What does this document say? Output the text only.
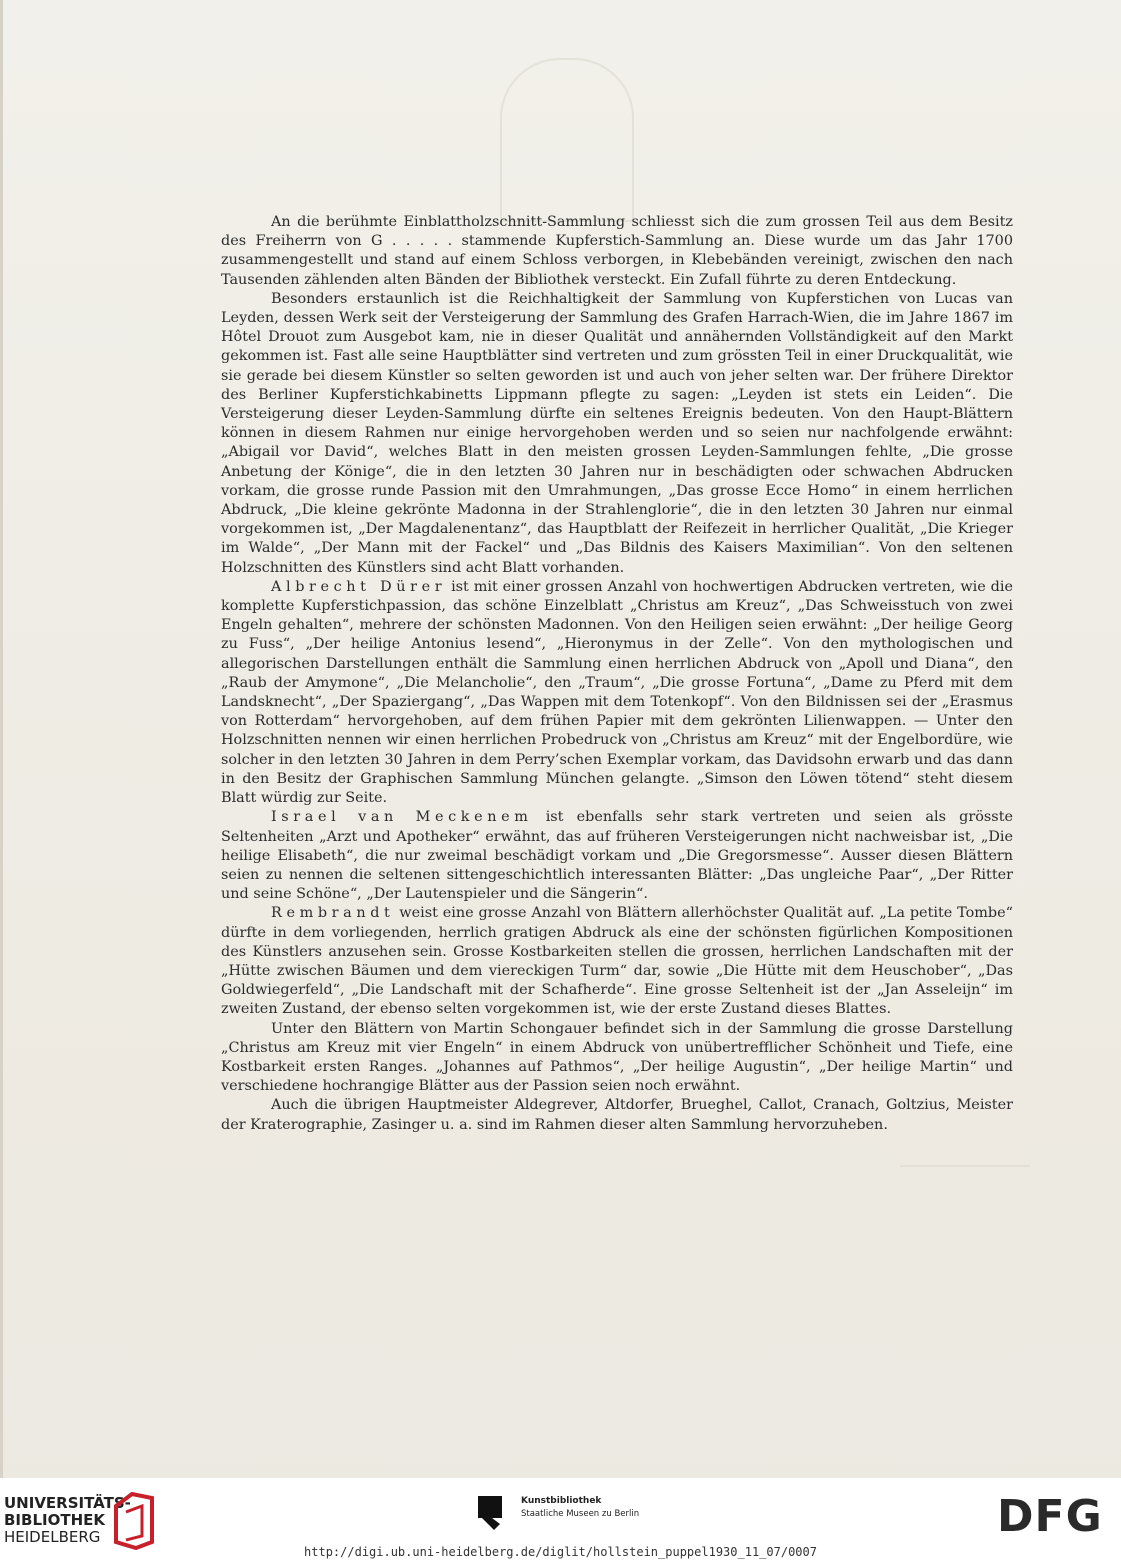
An die berühmte Einblattholzschnitt-Sammlung schliesst sich die zum grossen Teil aus dem Besitz des Freiherrn von G . . . . . stammende Kupferstich-Sammlung an. Diese wurde um das Jahr 1700 zusammengestellt und stand auf einem Schloss verborgen, in Klebebänden vereinigt, zwischen den nach Tausenden zählenden alten Bänden der Bibliothek versteckt. Ein Zufall führte zu deren Entdeckung.

Besonders erstaunlich ist die Reichhaltigkeit der Sammlung von Kupferstichen von Lucas van Leyden, dessen Werk seit der Versteigerung der Sammlung des Grafen Harrach-Wien, die im Jahre 1867 im Hôtel Drouot zum Ausgebot kam, nie in dieser Qualität und annähernden Vollständigkeit auf den Markt gekommen ist. Fast alle seine Hauptblätter sind vertreten und zum grössten Teil in einer Druckqualität, wie sie gerade bei diesem Künstler so selten geworden ist und auch von jeher selten war. Der frühere Direktor des Berliner Kupferstichkabinetts Lippmann pflegte zu sagen: „Leyden ist stets ein Leiden“. Die Versteigerung dieser Leyden-Sammlung dürfte ein seltenes Ereignis bedeuten. Von den Haupt-Blättern können in diesem Rahmen nur einige hervorgehoben werden und so seien nur nachfolgende erwähnt: „Abigail vor David“, welches Blatt in den meisten grossen Leyden-Sammlungen fehlte, „Die grosse Anbetung der Könige“, die in den letzten 30 Jahren nur in beschädigten oder schwachen Abdrucken vorkam, die grosse runde Passion mit den Umrahmungen, „Das grosse Ecce Homo“ in einem herrlichen Abdruck, „Die kleine gekrönte Madonna in der Strahlenglorie“, die in den letzten 30 Jahren nur einmal vorgekommen ist, „Der Magdalenentanz“, das Hauptblatt der Reifezeit in herrlicher Qualität, „Die Krieger im Walde“, „Der Mann mit der Fackel“ und „Das Bildnis des Kaisers Maximilian“. Von den seltenen Holzschnitten des Künstlers sind acht Blatt vorhanden.

Albrecht Dürer ist mit einer grossen Anzahl von hochwertigen Abdrucken vertreten, wie die komplette Kupferstichpassion, das schöne Einzelblatt „Christus am Kreuz“, „Das Schweisstuch von zwei Engeln gehalten“, mehrere der schönsten Madonnen. Von den Heiligen seien erwähnt: „Der heilige Georg zu Fuss“, „Der heilige Antonius lesend“, „Hieronymus in der Zelle“. Von den mythologischen und allegorischen Darstellungen enthält die Sammlung einen herrlichen Abdruck von „Apoll und Diana“, den „Raub der Amymone“, „Die Melancholie“, den „Traum“, „Die grosse Fortuna“, „Dame zu Pferd mit dem Landsknecht“, „Der Spaziergang“, „Das Wappen mit dem Totenkopf“. Von den Bildnissen sei der „Erasmus von Rotterdam“ hervorgehoben, auf dem frühen Papier mit dem gekrönten Lilienwappen. — Unter den Holzschnitten nennen wir einen herrlichen Probedruck von „Christus am Kreuz“ mit der Engelbordüre, wie solcher in den letzten 30 Jahren in dem Perry’schen Exemplar vorkam, das Davidsohn erwarb und das dann in den Besitz der Graphischen Sammlung München gelangte. „Simson den Löwen tötend“ steht diesem Blatt würdig zur Seite.

Israel van Meckenem ist ebenfalls sehr stark vertreten und seien als grösste Seltenheiten „Arzt und Apotheker“ erwähnt, das auf früheren Versteigerungen nicht nachweisbar ist, „Die heilige Elisabeth“, die nur zweimal beschädigt vorkam und „Die Gregorsmesse“. Ausser diesen Blättern seien zu nennen die seltenen sittengeschichtlich interessanten Blätter: „Das ungleiche Paar“, „Der Ritter und seine Schöne“, „Der Lautenspieler und die Sängerin“.

Rembrandt weist eine grosse Anzahl von Blättern allerhöchster Qualität auf. „La petite Tombe“ dürfte in dem vorliegenden, herrlich gratigen Abdruck als eine der schönsten figürlichen Kompositionen des Künstlers anzusehen sein. Grosse Kostbarkeiten stellen die grossen, herrlichen Landschaften mit der „Hütte zwischen Bäumen und dem viereckigen Turm“ dar, sowie „Die Hütte mit dem Heuschober“, „Das Goldwiegerfeld“, „Die Landschaft mit der Schafherde“. Eine grosse Seltenheit ist der „Jan Asseleijn“ im zweiten Zustand, der ebenso selten vorgekommen ist, wie der erste Zustand dieses Blattes.

Unter den Blättern von Martin Schongauer befindet sich in der Sammlung die grosse Darstellung „Christus am Kreuz mit vier Engeln“ in einem Abdruck von unübertrefflicher Schönheit und Tiefe, eine Kostbarkeit ersten Ranges. „Johannes auf Pathmos“, „Der heilige Augustin“, „Der heilige Martin“ und verschiedene hochrangige Blätter aus der Passion seien noch erwähnt.

Auch die übrigen Hauptmeister Aldegrever, Altdorfer, Brueghel, Callot, Cranach, Goltzius, Meister der Kraterographie, Zasinger u. a. sind im Rahmen dieser alten Sammlung hervorzuheben.

UNIVERSITÄTS-
BIBLIOTHEK
HEIDELBERG
Kunstbibliothek
Staatliche Museen zu Berlin	DFG
http://digi.ub.uni-heidelberg.de/diglit/hollstein_puppel1930_11_07/0007
